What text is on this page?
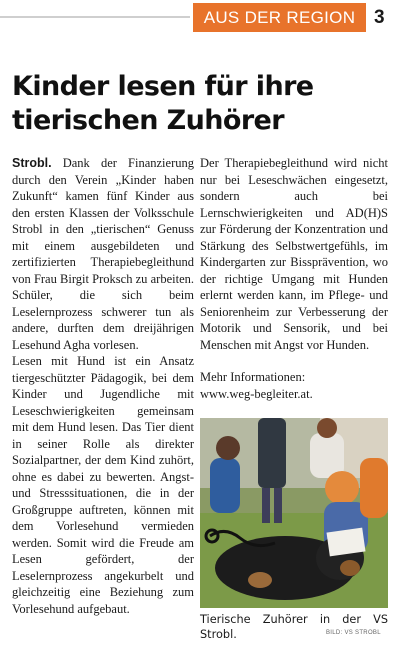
AUS DER REGION 3
Kinder lesen für ihre tierischen Zuhörer

Strobl. Dank der Finanzierung durch den Verein „Kinder haben Zukunft“ kamen fünf Kinder aus den ersten Klassen der Volksschule Strobl in den „tierischen“ Genuss mit einem ausgebildeten und zertifizierten Therapiebegleithund von Frau Birgit Proksch zu arbeiten. Schüler, die sich beim Leselernprozess schwerer tun als andere, durften dem dreijährigen Lesehund Agha vorlesen.

Lesen mit Hund ist ein Ansatz tiergeschützter Pädagogik, bei dem Kinder und Jugendliche mit Leseschwierigkeiten gemeinsam mit dem Hund lesen. Das Tier dient in seiner Rolle als direkter Sozialpartner, der dem Kind zuhört, ohne es dabei zu bewerten. Angst- und Stresssituationen, die in der Großgruppe auftreten, können mit dem Vorlesehund vermieden werden. Somit wird die Freude am Lesen gefördert, der Leselernprozess angekurbelt und gleichzeitig eine Beziehung zum Vorlesehund aufgebaut.

Der Therapiebegleithund wird nicht nur bei Leseschwächen eingesetzt, sondern auch bei Lernschwierigkeiten und AD(H)S zur Förderung der Konzentration und Stärkung des Selbstwertgefühls, im Kindergarten zur Bissprävention, wo der richtige Umgang mit Hunden erlernt werden kann, im Pflege- und Seniorenheim zur Verbesserung der Motorik und Sensorik, und bei Menschen mit Angst vor Hunden.

Mehr Informationen:
www.weg-begleiter.at.

Tierische Zuhörer in der VS Strobl.	BILD: VS STROBL
